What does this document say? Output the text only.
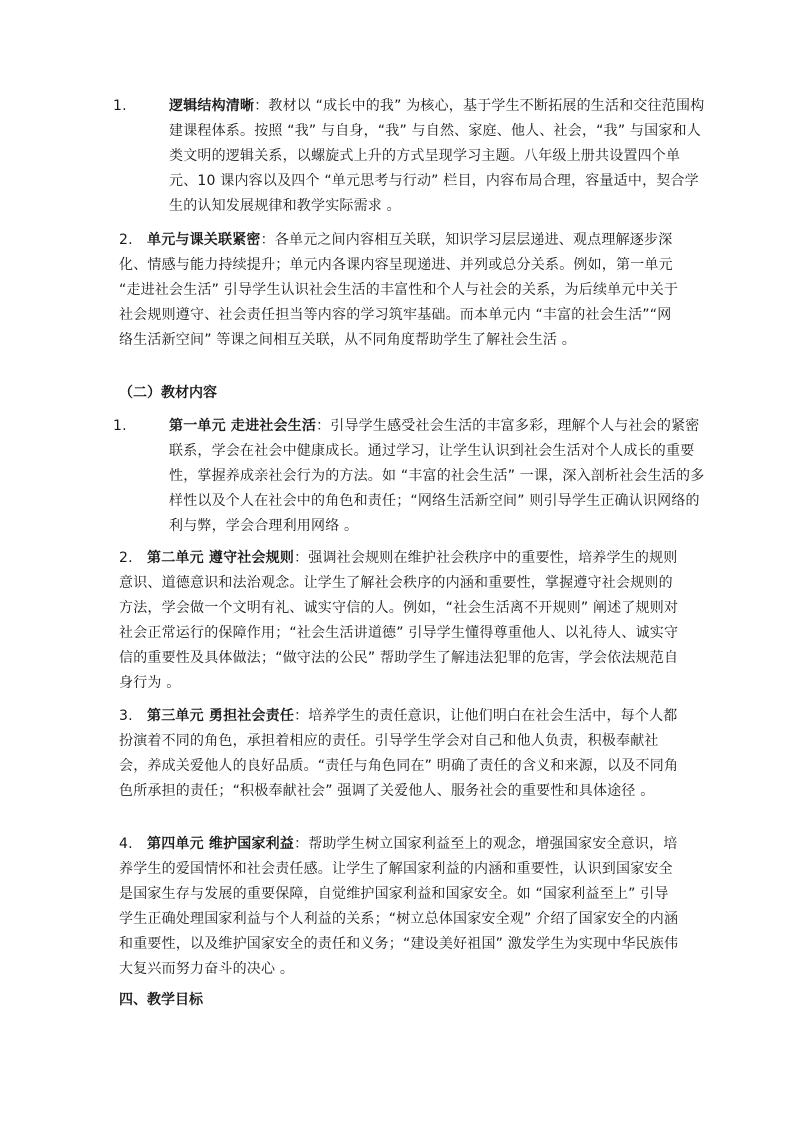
1.	逻辑结构清晰：教材以 “成长中的我” 为核心，基于学生不断拓展的生活和交往范围构建课程体系。按照 “我” 与自身，“我” 与自然、家庭、他人、社会，“我” 与国家和人类文明的逻辑关系，以螺旋式上升的方式呈现学习主题。八年级上册共设置四个单元、10 课内容以及四个 “单元思考与行动” 栏目，内容布局合理，容量适中，契合学生的认知发展规律和教学实际需求 。
2. 单元与课关联紧密：各单元之间内容相互关联，知识学习层层递进、观点理解逐步深化、情感与能力持续提升；单元内各课内容呈现递进、并列或总分关系。例如，第一单元 “走进社会生活” 引导学生认识社会生活的丰富性和个人与社会的关系，为后续单元中关于社会规则遵守、社会责任担当等内容的学习筑牢基础。而本单元内 “丰富的社会生活”“网络生活新空间” 等课之间相互关联，从不同角度帮助学生了解社会生活 。
（二）教材内容
1.	第一单元 走进社会生活：引导学生感受社会生活的丰富多彩，理解个人与社会的紧密联系，学会在社会中健康成长。通过学习，让学生认识到社会生活对个人成长的重要性，掌握养成亲社会行为的方法。如 “丰富的社会生活” 一课，深入剖析社会生活的多样性以及个人在社会中的角色和责任；“网络生活新空间” 则引导学生正确认识网络的利与弊，学会合理利用网络 。
2. 第二单元 遵守社会规则：强调社会规则在维护社会秩序中的重要性，培养学生的规则意识、道德意识和法治观念。让学生了解社会秩序的内涵和重要性，掌握遵守社会规则的方法，学会做一个文明有礼、诚实守信的人。例如，“社会生活离不开规则” 阐述了规则对社会正常运行的保障作用；“社会生活讲道德” 引导学生懂得尊重他人、以礼待人、诚实守信的重要性及具体做法；“做守法的公民” 帮助学生了解违法犯罪的危害，学会依法规范自身行为 。
3. 第三单元 勇担社会责任：培养学生的责任意识，让他们明白在社会生活中，每个人都扮演着不同的角色，承担着相应的责任。引导学生学会对自己和他人负责，积极奉献社会，养成关爱他人的良好品质。“责任与角色同在” 明确了责任的含义和来源，以及不同角色所承担的责任；“积极奉献社会” 强调了关爱他人、服务社会的重要性和具体途径 。
4. 第四单元 维护国家利益：帮助学生树立国家利益至上的观念，增强国家安全意识，培养学生的爱国情怀和社会责任感。让学生了解国家利益的内涵和重要性，认识到国家安全是国家生存与发展的重要保障，自觉维护国家利益和国家安全。如 “国家利益至上” 引导学生正确处理国家利益与个人利益的关系；“树立总体国家安全观” 介绍了国家安全的内涵和重要性，以及维护国家安全的责任和义务；“建设美好祖国” 激发学生为实现中华民族伟大复兴而努力奋斗的决心 。
四、教学目标
